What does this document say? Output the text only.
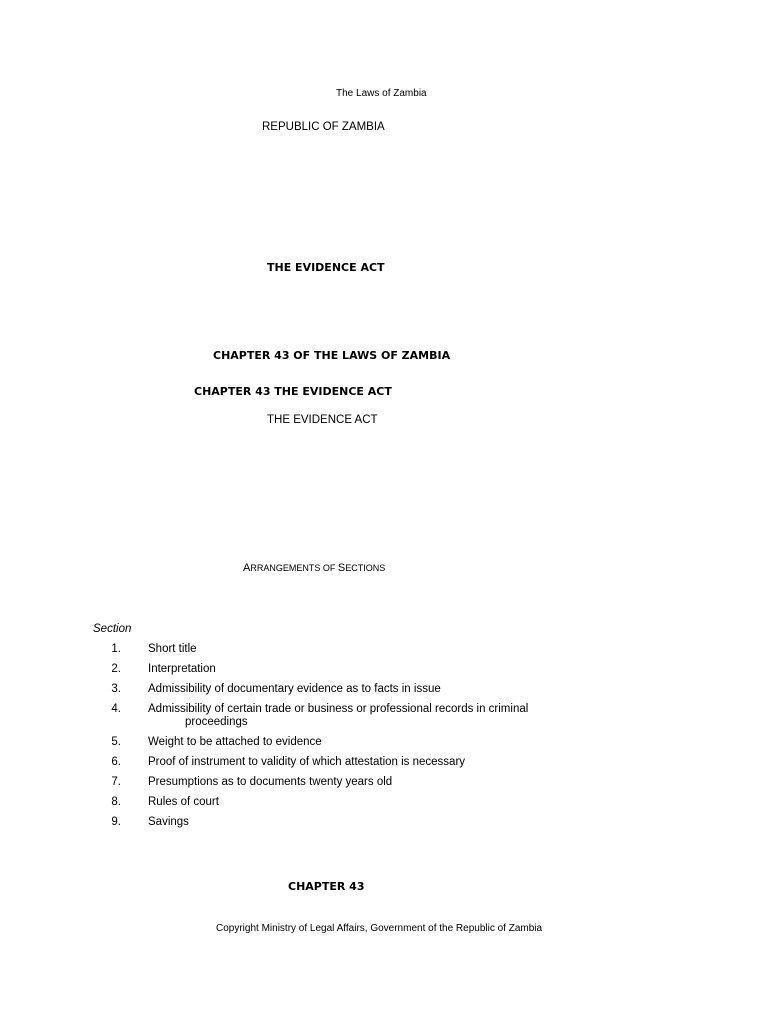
The Laws of Zambia
REPUBLIC OF ZAMBIA
THE EVIDENCE ACT
CHAPTER 43 OF THE LAWS OF ZAMBIA
CHAPTER 43 THE EVIDENCE ACT
THE EVIDENCE ACT
ARRANGEMENTS OF SECTIONS
Section
1. Short title
2. Interpretation
3. Admissibility of documentary evidence as to facts in issue
4. Admissibility of certain trade or business or professional records in criminal
proceedings
5. Weight to be attached to evidence
6. Proof of instrument to validity of which attestation is necessary
7. Presumptions as to documents twenty years old
8. Rules of court
9. Savings
CHAPTER 43
Copyright Ministry of Legal Affairs, Government of the Republic of Zambia
